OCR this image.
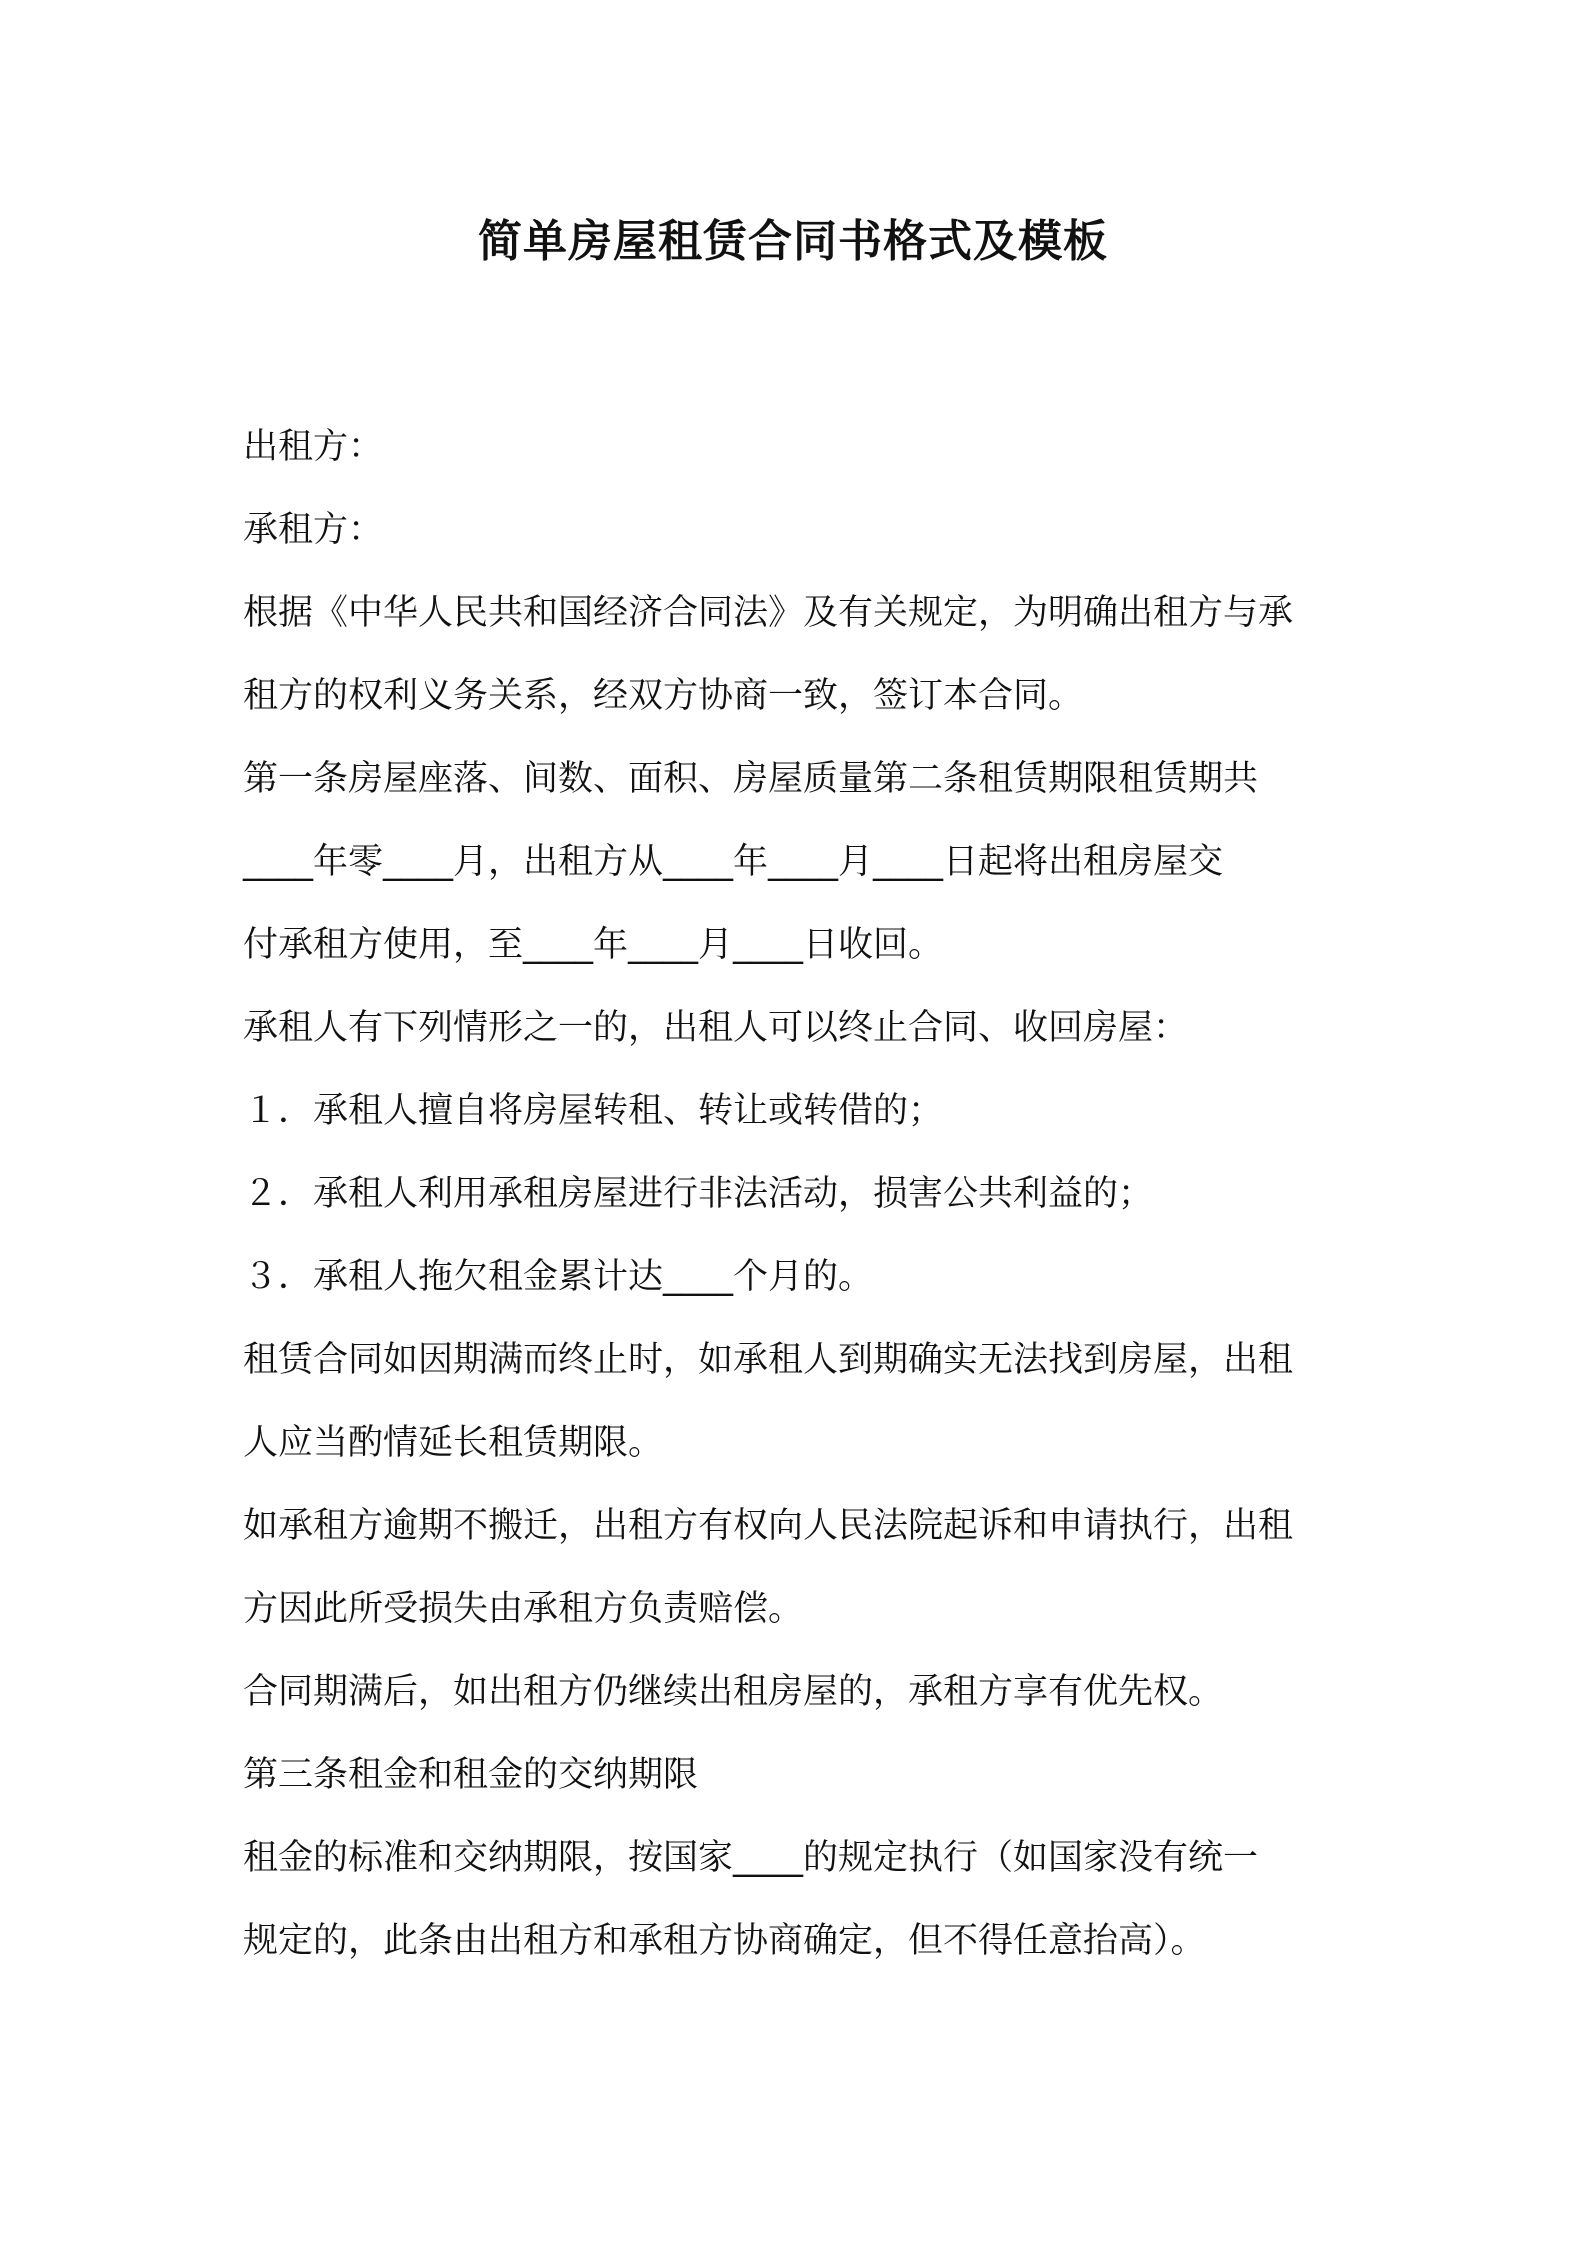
简单房屋租赁合同书格式及模板

出租方：

承租方：

根据《中华人民共和国经济合同法》及有关规定，为明确出租方与承

租方的权利义务关系，经双方协商一致，签订本合同。

第一条房屋座落、间数、面积、房屋质量第二条租赁期限租赁期共

____年零____月，出租方从____年____月____日起将出租房屋交

付承租方使用，至____年____月____日收回。

承租人有下列情形之一的，出租人可以终止合同、收回房屋：

１．承租人擅自将房屋转租、转让或转借的；

２．承租人利用承租房屋进行非法活动，损害公共利益的；

３．承租人拖欠租金累计达____个月的。

租赁合同如因期满而终止时，如承租人到期确实无法找到房屋，出租

人应当酌情延长租赁期限。

如承租方逾期不搬迁，出租方有权向人民法院起诉和申请执行，出租

方因此所受损失由承租方负责赔偿。

合同期满后，如出租方仍继续出租房屋的，承租方享有优先权。

第三条租金和租金的交纳期限

租金的标准和交纳期限，按国家____的规定执行（如国家没有统一

规定的，此条由出租方和承租方协商确定，但不得任意抬高）。
